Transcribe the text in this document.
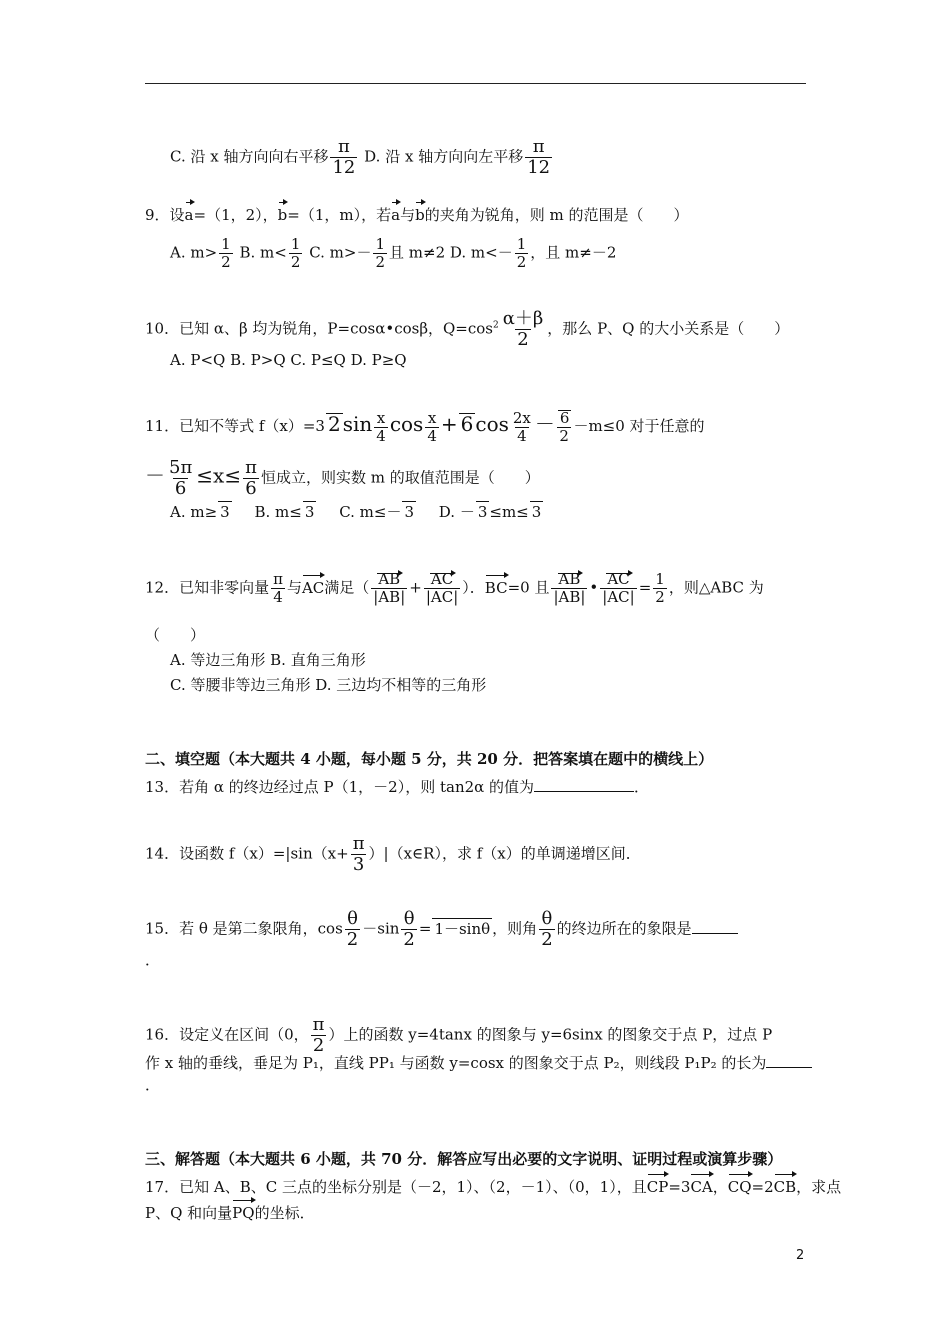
C. 沿 x 轴方向向右平移 $\frac{\pi}{12} D$. 沿 x 轴方向向左平移 $\frac{\pi}{12}$
9．设a=（1，2），b=（1，m），若a与b的夹角为锐角，则 m 的范围是（　　）
A. $m> \frac{1}{2} B$. $m< \frac{1}{2} C$. $m>- \frac{1}{2}$ 且 m≠2 D. $m<- \frac{1}{2}$ ，且 m≠－2
10．已知 α、β 均为锐角，P=cosα•cosβ，$Q=\cos^2 \frac{\alpha+\beta}{2}$ ，那么 P、Q 的大小关系是（　　）
A. P<Q B. P>Q C. P≤Q D. P≥Q
11．已知不等式 f（x）=3 2 $\sin \frac{x}{4}$ $\cos \frac{x}{4} + 6$ $\cos \frac{2x}{4} - \frac{6}{2} -m\le 0$ 对于任意的
－ $\frac{5\pi}{6} \le x\le \frac{\pi}{6}$ 恒成立，则实数 m 的取值范围是（　　）
A. m≥ 3 B. m≤ 3 C. m≤－ 3 D. － 3 ≤m≤ 3
12．已知非零向量 $\frac{\pi}{4}$ 与AC满足（ $\frac{AB}{|AB|} + \frac{AC}{|AC|}$ ）．BC=0 且 $\frac{AB}{|AB|}$ • $\frac{AC}{|AC|} = \frac{1}{2}$ ，则△ABC 为
（　　）
A. 等边三角形 B. 直角三角形
C. 等腰非等边三角形 D. 三边均不相等的三角形
二、填空题（本大题共 4 小题，每小题 5 分，共 20 分．把答案填在题中的横线上）
13．若角 α 的终边经过点 P（1，－2），则 tan2α 的值为	．
14．设函数 $f(x)=|\sin(x+ \frac{\pi}{3}$ ）|（x∈R），求 f（x）的单调递增区间．
15．若 θ 是第二象限角，$\cos \frac{\theta}{2} -\sin \frac{\theta}{2} = 1-\sin\theta$ ，则角 $\frac{\theta}{2}$ 的终边所在的象限是
．
16．设定义在区间（0， $\frac{\pi}{2}$ ）上的函数 y=4tanx 的图象与 y=6sinx 的图象交于点 P，过点 P
作 x 轴的垂线，垂足为 P₁，直线 PP₁ 与函数 y=cosx 的图象交于点 P₂，则线段 P₁P₂ 的长为
．
三、解答题（本大题共 6 小题，共 70 分．解答应写出必要的文字说明、证明过程或演算步骤）
17．已知 A、B、C 三点的坐标分别是（－2，1）、（2，－1）、（0，1），且CP=3CA，CQ=2CB，求点
P、Q 和向量PQ的坐标．
2
